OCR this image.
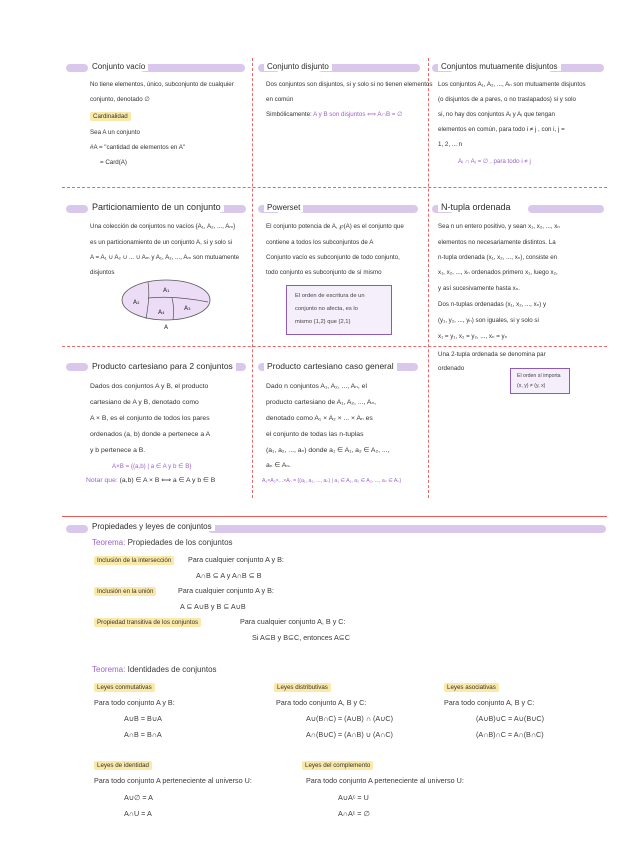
Conjunto vacío
No tiene elementos, único, subconjunto de cualquier
conjunto, denotado ∅
Cardinalidad
Sea A un conjunto
#A = "cantidad de elementos en A"
= Card(A)
Conjunto disjunto
Dos conjuntos son disjuntos, si y solo si no tienen elementos
en común
Simbólicamente: A y B son disjuntos ⟺ A∩B = ∅
Conjuntos mutuamente disjuntos
Los conjuntos A₁, A₂, ..., Aₙ son mutuamente disjuntos
(o disjuntos de a pares, o no traslapados) si y solo
si, no hay dos conjuntos Aᵢ y Aⱼ que tengan
elementos en común, para todo i ≠ j , con i, j =
1, 2, ... n
Aᵢ ∩ Aⱼ = ∅ , para todo i ≠ j
Particionamiento de un conjunto
Una colección de conjuntos no vacíos {A₁, A₂, ..., Aₘ}
es un particionamiento de un conjunto A, si y solo si
A = A₁ ∪ A₂ ∪ ... ∪ Aₘ y A₁, A₂, ..., Aₘ son mutuamente
disjuntos
A₁
A₂
A₃
A₄
A
Powerset
El conjunto potencia de A, ℘(A) es el conjunto que
contiene a todos los subconjuntos de A
Conjunto vacío es subconjunto de todo conjunto,
todo conjunto es subconjunto de sí mismo
El orden de escritura de un
conjunto no afecta, es lo
mismo {1,2} que {2,1}
N-tupla ordenada
Sea n un entero positivo, y sean x₁, x₂, ..., xₙ
elementos no necesariamente distintos. La
n-tupla ordenada (x₁, x₂, ..., xₙ), consiste en
x₁, x₂, ..., xₙ ordenados primero x₁, luego x₂,
y así sucesivamente hasta xₙ.
Dos n-tuplas ordenadas (x₁, x₂, ..., xₙ) y
(y₁, y₂, ..., yₙ) son iguales, si y solo si
x₁ = y₁, x₂ = y₂, ..., xₙ = yₙ
Una 2-tupla ordenada se denomina par
ordenado
El orden sí importa
(x, y) ≠ (y, x)
Producto cartesiano para 2 conjuntos
Dados dos conjuntos A y B, el producto
cartesiano de A y B, denotado como
A × B, es el conjunto de todos los pares
ordenados (a, b) donde a pertenece a A
y b pertenece a B.
A×B = {(a,b) | a ∈ A y b ∈ B}
Notar que: (a,b) ∈ A × B ⟺ a ∈ A y b ∈ B
Producto cartesiano caso general
Dado n conjuntos A₁, A₂, ..., Aₙ, el
producto cartesiano de A₁, A₂, ..., Aₙ,
denotado como A₁ × A₂ × ... × Aₙ es
el conjunto de todas las n-tuplas
(a₁, a₂, ..., aₙ) donde a₁ ∈ A₁, a₂ ∈ A₂, ...,
aₙ ∈ Aₙ.
A₁×A₂×...×Aₙ = {(a₁, a₂, ..., aₙ) | a₁ ∈ A₁, a₂ ∈ A₂, ..., aₙ ∈ Aₙ}
Propiedades y leyes de conjuntos
Teorema: Propiedades de los conjuntos
Inclusión de la intersección	Para cualquier conjunto A y B:
A∩B ⊆ A y A∩B ⊆ B
Inclusión en la unión	Para cualquier conjunto A y B:
A ⊆ A∪B y B ⊆ A∪B
Propiedad transitiva de los conjuntos	Para cualquier conjunto A, B y C:
Si A⊆B y B⊆C, entonces A⊆C
Teorema: Identidades de conjuntos
Leyes conmutativas
Para todo conjunto A y B:
A∪B = B∪A
A∩B = B∩A
Leyes distributivas
Para todo conjunto A, B y C:
A∪(B∩C) = (A∪B) ∩ (A∪C)
A∩(B∪C) = (A∩B) ∪ (A∩C)
Leyes asociativas
Para todo conjunto A, B y C:
(A∪B)∪C = A∪(B∪C)
(A∩B)∩C = A∩(B∩C)
Leyes de identidad
Para todo conjunto A perteneciente al universo U:
A∪∅ = A
A∩U = A
Leyes del complemento
Para todo conjunto A perteneciente al universo U:
A∪Aᶜ = U
A∩Aᶜ = ∅
